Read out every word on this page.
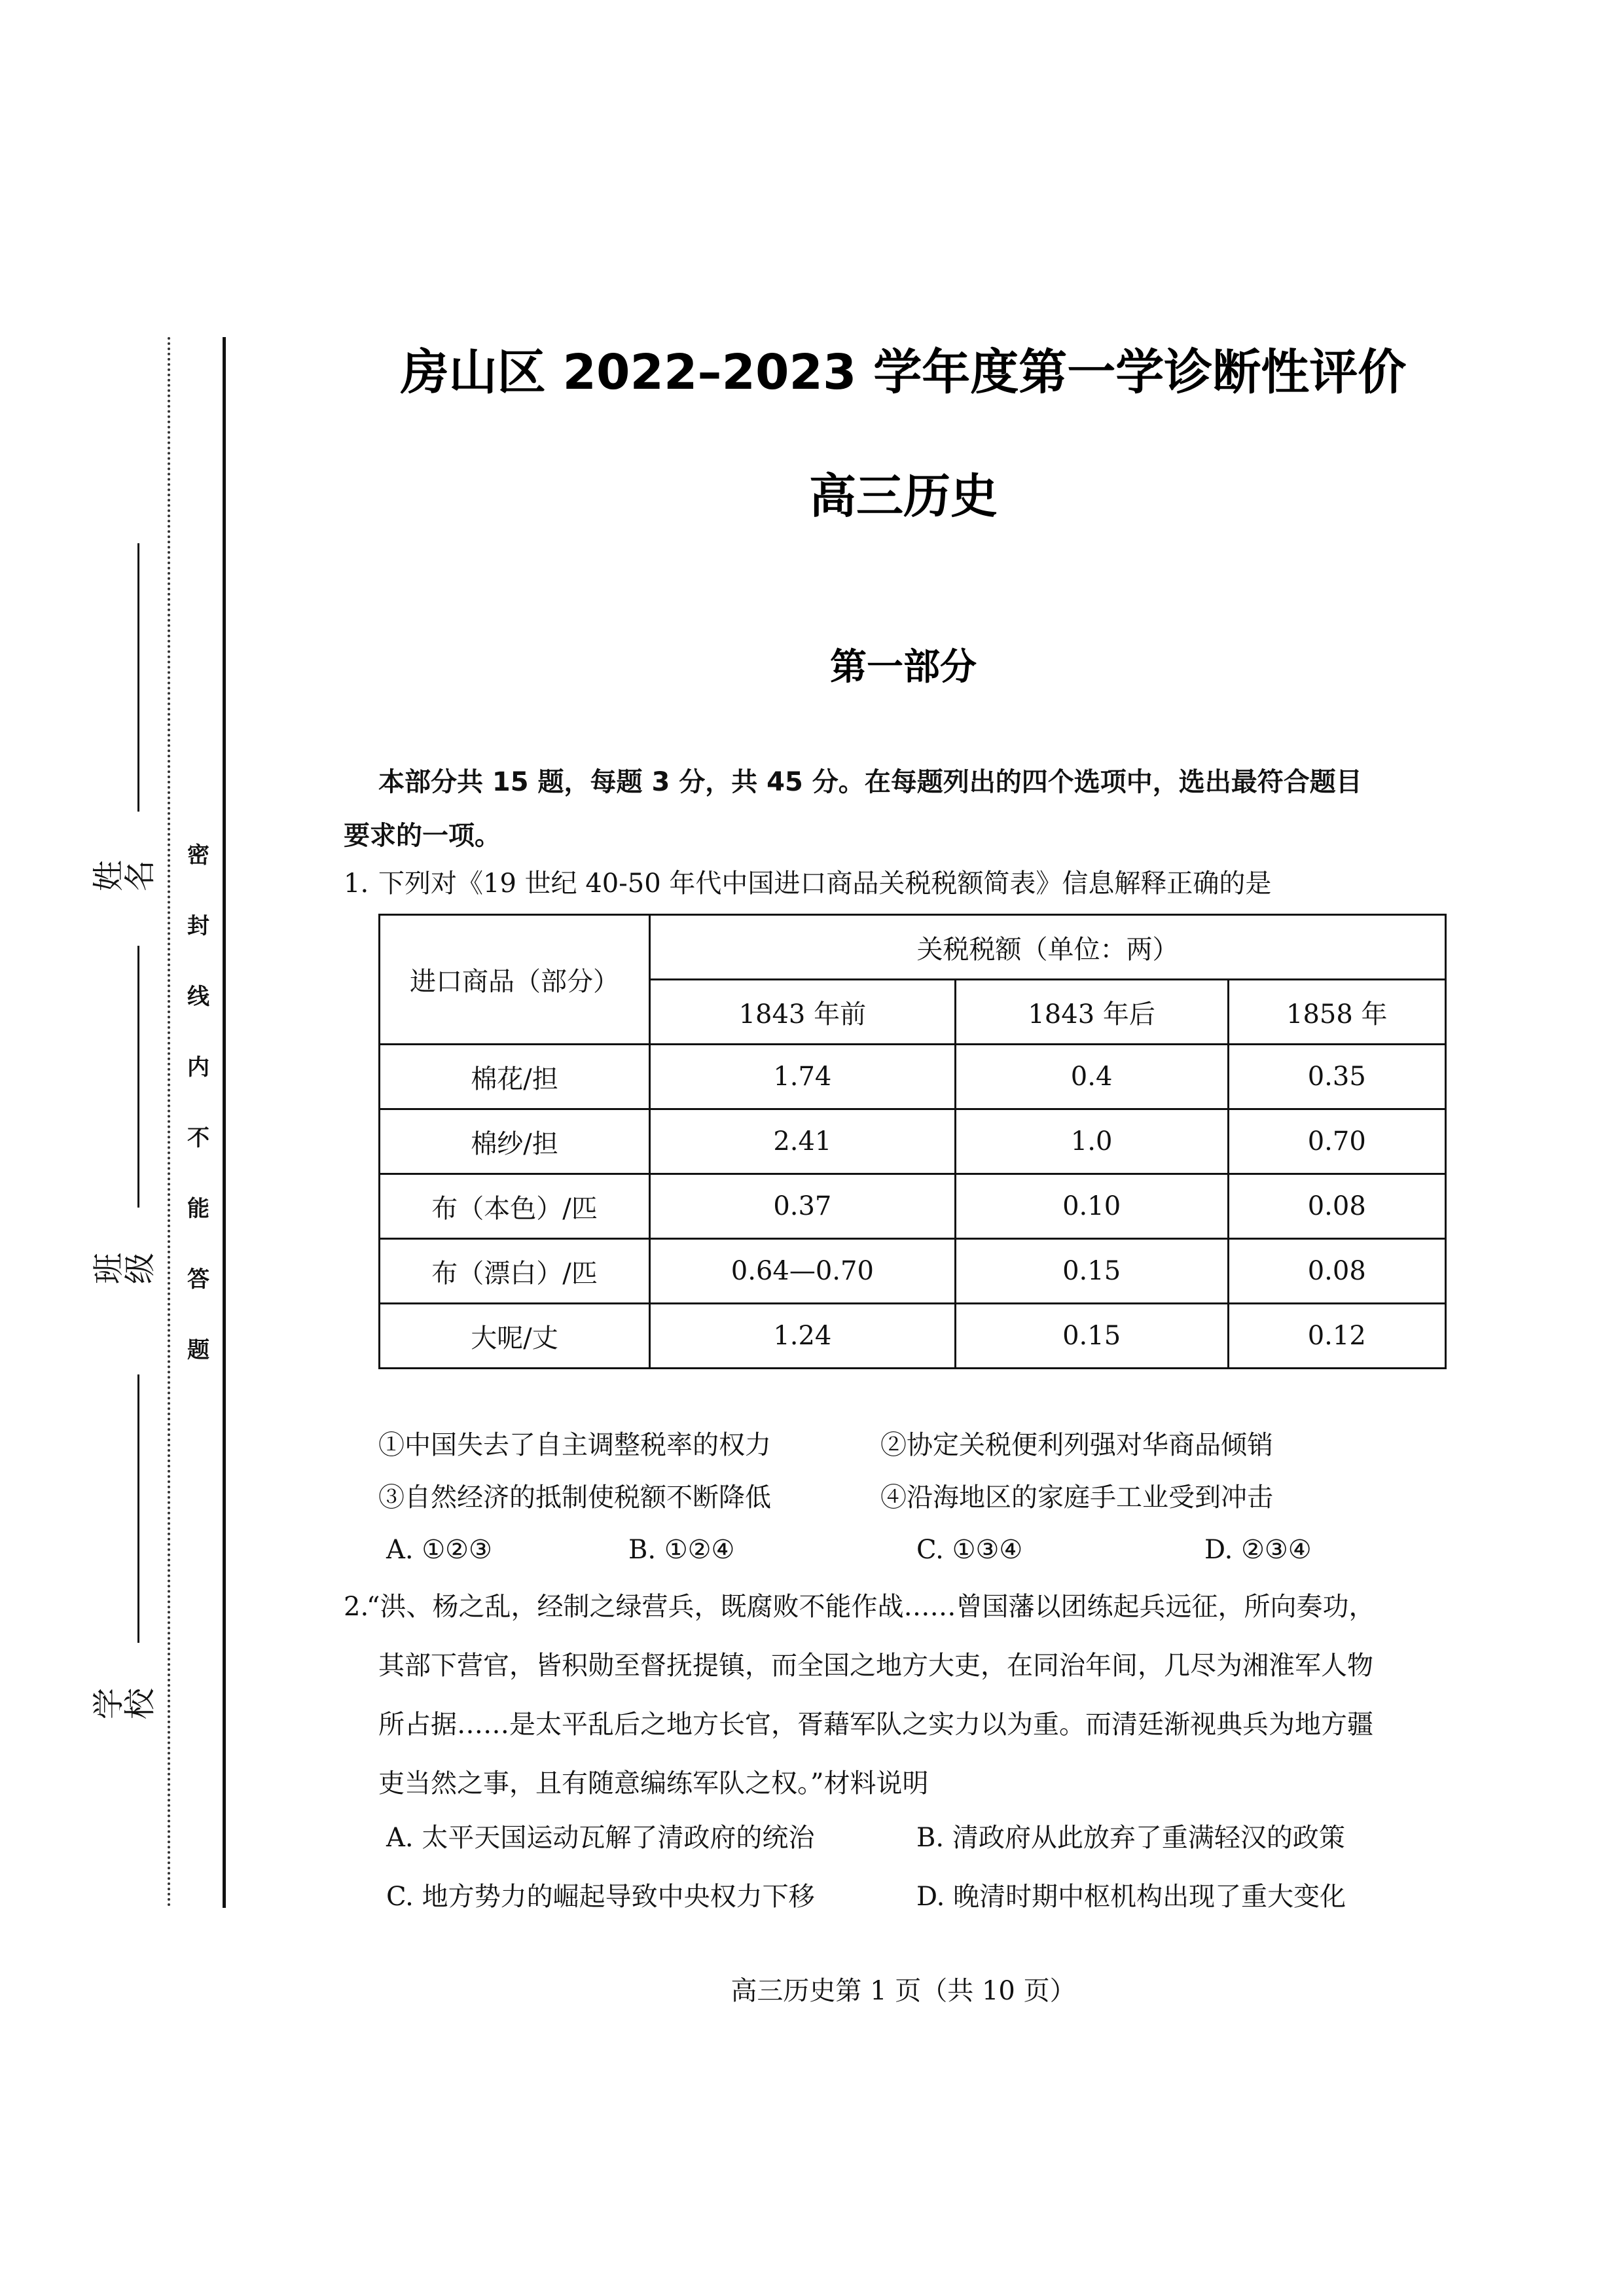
姓名
班级
学校
密
封
线
内
不
能
答
题
房山区 2022–2023 学年度第一学诊断性评价
高三历史
第一部分
本部分共 15 题，每题 3 分，共 45 分。在每题列出的四个选项中，选出最符合题目
要求的一项。
1. 下列对《19 世纪 40-50 年代中国进口商品关税税额简表》信息解释正确的是
进口商品（部分）	关税税额（单位：两）		
	1843 年前	1843 年后	1858 年
棉花/担	1.74	0.4	0.35
棉纱/担	2.41	1.0	0.70
布（本色）/匹	0.37	0.10	0.08
布（漂白）/匹	0.64—0.70	0.15	0.08
大呢/丈	1.24	0.15	0.12
①中国失去了自主调整税率的权力	②协定关税便利列强对华商品倾销
③自然经济的抵制使税额不断降低	④沿海地区的家庭手工业受到冲击
A. ①②③	B. ①②④	C. ①③④	D. ②③④
2.
“洪、杨之乱，经制之绿营兵，既腐败不能作战……曾国藩以团练起兵远征，所向奏功，
其部下营官，皆积勋至督抚提镇，而全国之地方大吏，在同治年间，几尽为湘淮军人物
所占据……是太平乱后之地方长官，胥藉军队之实力以为重。而清廷渐视典兵为地方疆
吏当然之事，且有随意编练军队之权。”材料说明
A. 太平天国运动瓦解了清政府的统治	B. 清政府从此放弃了重满轻汉的政策
C. 地方势力的崛起导致中央权力下移	D. 晚清时期中枢机构出现了重大变化
高三历史第 1 页（共 10 页）
